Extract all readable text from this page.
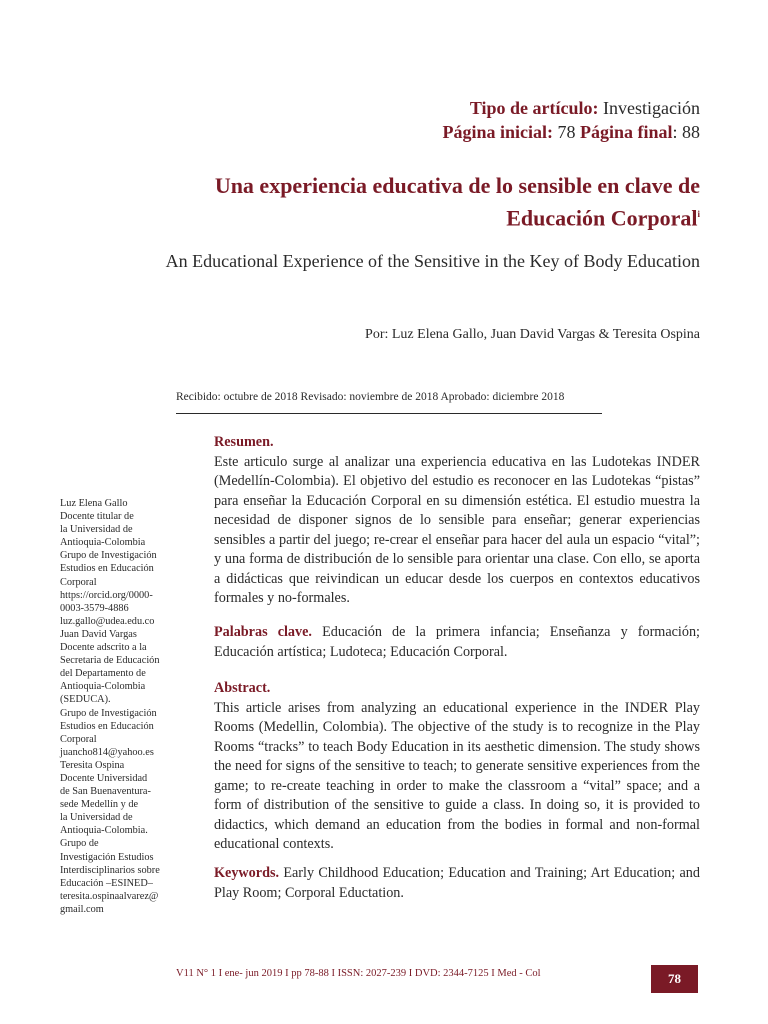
Tipo de artículo: Investigación
Página inicial: 78 Página final: 88
Una experiencia educativa de lo sensible en clave de
Educación Corporal$^i$
An Educational Experience of the Sensitive in the Key of Body Education
Por: Luz Elena Gallo, Juan David Vargas & Teresita Ospina
Recibido: octubre de 2018 Revisado: noviembre de 2018 Aprobado: diciembre 2018
Resumen.
Este articulo surge al analizar una experiencia educativa en las Ludotekas INDER (Medellín-Colombia). El objetivo del estudio es reconocer en las Ludotekas “pistas” para enseñar la Educación Corporal en su dimensión estética. El estudio muestra la necesidad de disponer signos de lo sensible para enseñar; generar experiencias sensibles a partir del juego; re-crear el enseñar para hacer del aula un espacio “vital”; y una forma de distribución de lo sensible para orientar una clase. Con ello, se aporta a didácticas que reivindican un educar desde los cuerpos en contextos educativos formales y no-formales.
Palabras clave. Educación de la primera infancia; Enseñanza y formación; Educación artística; Ludoteca; Educación Corporal.
Abstract.
This article arises from analyzing an educational experience in the INDER Play Rooms (Medellin, Colombia). The objective of the study is to recognize in the Play Rooms “tracks” to teach Body Education in its aesthetic dimension. The study shows the need for signs of the sensitive to teach; to generate sensitive experiences from the game; to re-create teaching in order to make the classroom a “vital” space; and a form of distribution of the sensitive to guide a class. In doing so, it is provided to didactics, which demand an education from the bodies in formal and non-formal educational contexts.
Keywords. Early Childhood Education; Education and Training; Art Education; and Play Room; Corporal Eductation.
Luz Elena Gallo
Docente titular de
la Universidad de
Antioquia-Colombia
Grupo de Investigación
Estudios en Educación
Corporal
https://orcid.org/0000-
0003-3579-4886
luz.gallo@udea.edu.co
Juan David Vargas
Docente adscrito a la
Secretaria de Educación
del Departamento de
Antioquia-Colombia
(SEDUCA).
Grupo de Investigación
Estudios en Educación
Corporal
juancho814@yahoo.es
Teresita Ospina
Docente Universidad
de San Buenaventura-
sede Medellín y de
la Universidad de
Antioquia-Colombia.
Grupo de
Investigación Estudios
Interdisciplinarios sobre
Educación –ESINED–
teresita.ospinaalvarez@
gmail.com
V11 N° 1 I ene- jun 2019 I pp 78-88 I ISSN: 2027-239 I DVD: 2344-7125 I Med - Col	78
